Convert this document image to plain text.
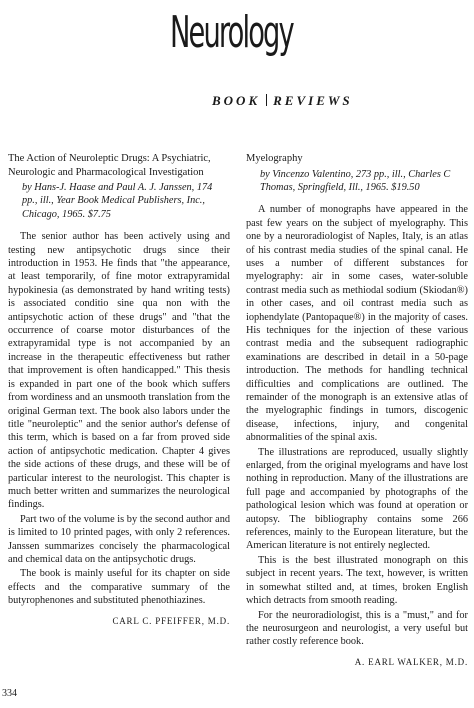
Neurology
BOOK REVIEWS
The Action of Neuroleptic Drugs: A Psychiatric, Neurologic and Pharmacological Investigation
by Hans-J. Haase and Paul A. J. Janssen, 174 pp., ill., Year Book Medical Publishers, Inc., Chicago, 1965. $7.75

The senior author has been actively using and testing new antipsychotic drugs since their introduction in 1953. He finds that "the appearance, at least temporarily, of fine motor extrapyramidal hypokinesia (as demonstrated by hand writing tests) is associated conditio sine qua non with the antipsychotic action of these drugs" and "that the occurrence of coarse motor disturbances of the extrapyramidal type is not accompanied by an increase in the therapeutic effectiveness but rather that improvement is often handicapped." This thesis is expanded in part one of the book which suffers from wordiness and an unsmooth translation from the original German text. The book also labors under the title "neuroleptic" and the senior author's defense of this term, which is based on a far from proved side action of antipsychotic medication. Chapter 4 gives the side actions of these drugs, and these will be of particular interest to the neurologist. This chapter is much better written and summarizes the neurological findings.

Part two of the volume is by the second author and is limited to 10 printed pages, with only 2 references. Janssen summarizes concisely the pharmacological and chemical data on the antipsychotic drugs.

The book is mainly useful for its chapter on side effects and the comparative summary of the butyrophenones and substituted phenothiazines.

CARL C. PFEIFFER, M.D.
Myelography
by Vincenzo Valentino, 273 pp., ill., Charles C Thomas, Springfield, Ill., 1965. $19.50

A number of monographs have appeared in the past few years on the subject of myelography. This one by a neuroradiologist of Naples, Italy, is an atlas of his contrast media studies of the spinal canal. He uses a number of different substances for myelography: air in some cases, water-soluble contrast media such as methiodal sodium (Skiodan®) in other cases, and oil contrast media such as iophendylate (Pantopaque®) in the majority of cases. His techniques for the injection of these various contrast media and the subsequent radiographic examinations are described in detail in a 50-page introduction. The methods for handling technical difficulties and complications are outlined. The remainder of the monograph is an extensive atlas of the myelographic findings in tumors, discogenic disease, infections, injury, and congenital abnormalities of the spinal axis.

The illustrations are reproduced, usually slightly enlarged, from the original myelograms and have lost nothing in reproduction. Many of the illustrations are full page and accompanied by photographs of the pathological lesion which was found at operation or autopsy. The bibliography contains some 266 references, mainly to the European literature, but the American literature is not entirely neglected.

This is the best illustrated monograph on this subject in recent years. The text, however, is written in somewhat stilted and, at times, broken English which detracts from smooth reading.

For the neuroradiologist, this is a "must," and for the neurosurgeon and neurologist, a very useful but rather costly reference book.

A. EARL WALKER, M.D.
334
